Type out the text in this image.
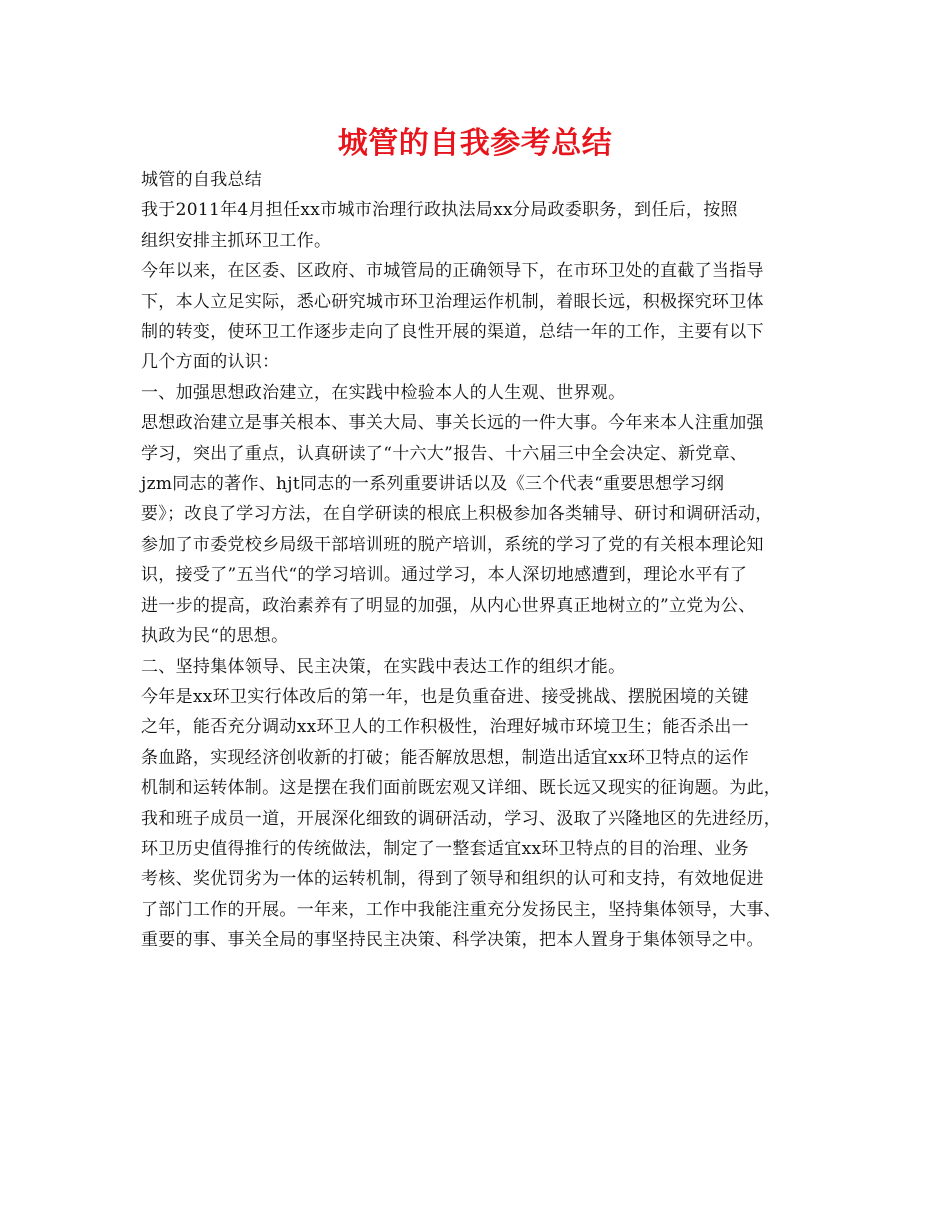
城管的自我参考总结

城管的自我总结

我于2011年4月担任xx市城市治理行政执法局xx分局政委职务，到任后，按照

组织安排主抓环卫工作。

今年以来，在区委、区政府、市城管局的正确领导下，在市环卫处的直截了当指导

下，本人立足实际，悉心研究城市环卫治理运作机制，着眼长远，积极探究环卫体

制的转变，使环卫工作逐步走向了良性开展的渠道，总结一年的工作，主要有以下

几个方面的认识：

一、加强思想政治建立，在实践中检验本人的人生观、世界观。

思想政治建立是事关根本、事关大局、事关长远的一件大事。今年来本人注重加强

学习，突出了重点，认真研读了“十六大”报告、十六届三中全会决定、新党章、

jzm同志的著作、hjt同志的一系列重要讲话以及《三个代表“重要思想学习纲

要》；改良了学习方法，在自学研读的根底上积极参加各类辅导、研讨和调研活动，

参加了市委党校乡局级干部培训班的脱产培训，系统的学习了党的有关根本理论知

识，接受了”五当代“的学习培训。通过学习，本人深切地感遭到，理论水平有了

进一步的提高，政治素养有了明显的加强，从内心世界真正地树立的”立党为公、

执政为民“的思想。

二、坚持集体领导、民主决策，在实践中表达工作的组织才能。

今年是xx环卫实行体改后的第一年，也是负重奋进、接受挑战、摆脱困境的关键

之年，能否充分调动xx环卫人的工作积极性，治理好城市环境卫生；能否杀出一

条血路，实现经济创收新的打破；能否解放思想，制造出适宜xx环卫特点的运作

机制和运转体制。这是摆在我们面前既宏观又详细、既长远又现实的征询题。为此，

我和班子成员一道，开展深化细致的调研活动，学习、汲取了兴隆地区的先进经历，

环卫历史值得推行的传统做法，制定了一整套适宜xx环卫特点的目的治理、业务

考核、奖优罚劣为一体的运转机制，得到了领导和组织的认可和支持，有效地促进

了部门工作的开展。一年来，工作中我能注重充分发扬民主，坚持集体领导，大事、

重要的事、事关全局的事坚持民主决策、科学决策，把本人置身于集体领导之中。
